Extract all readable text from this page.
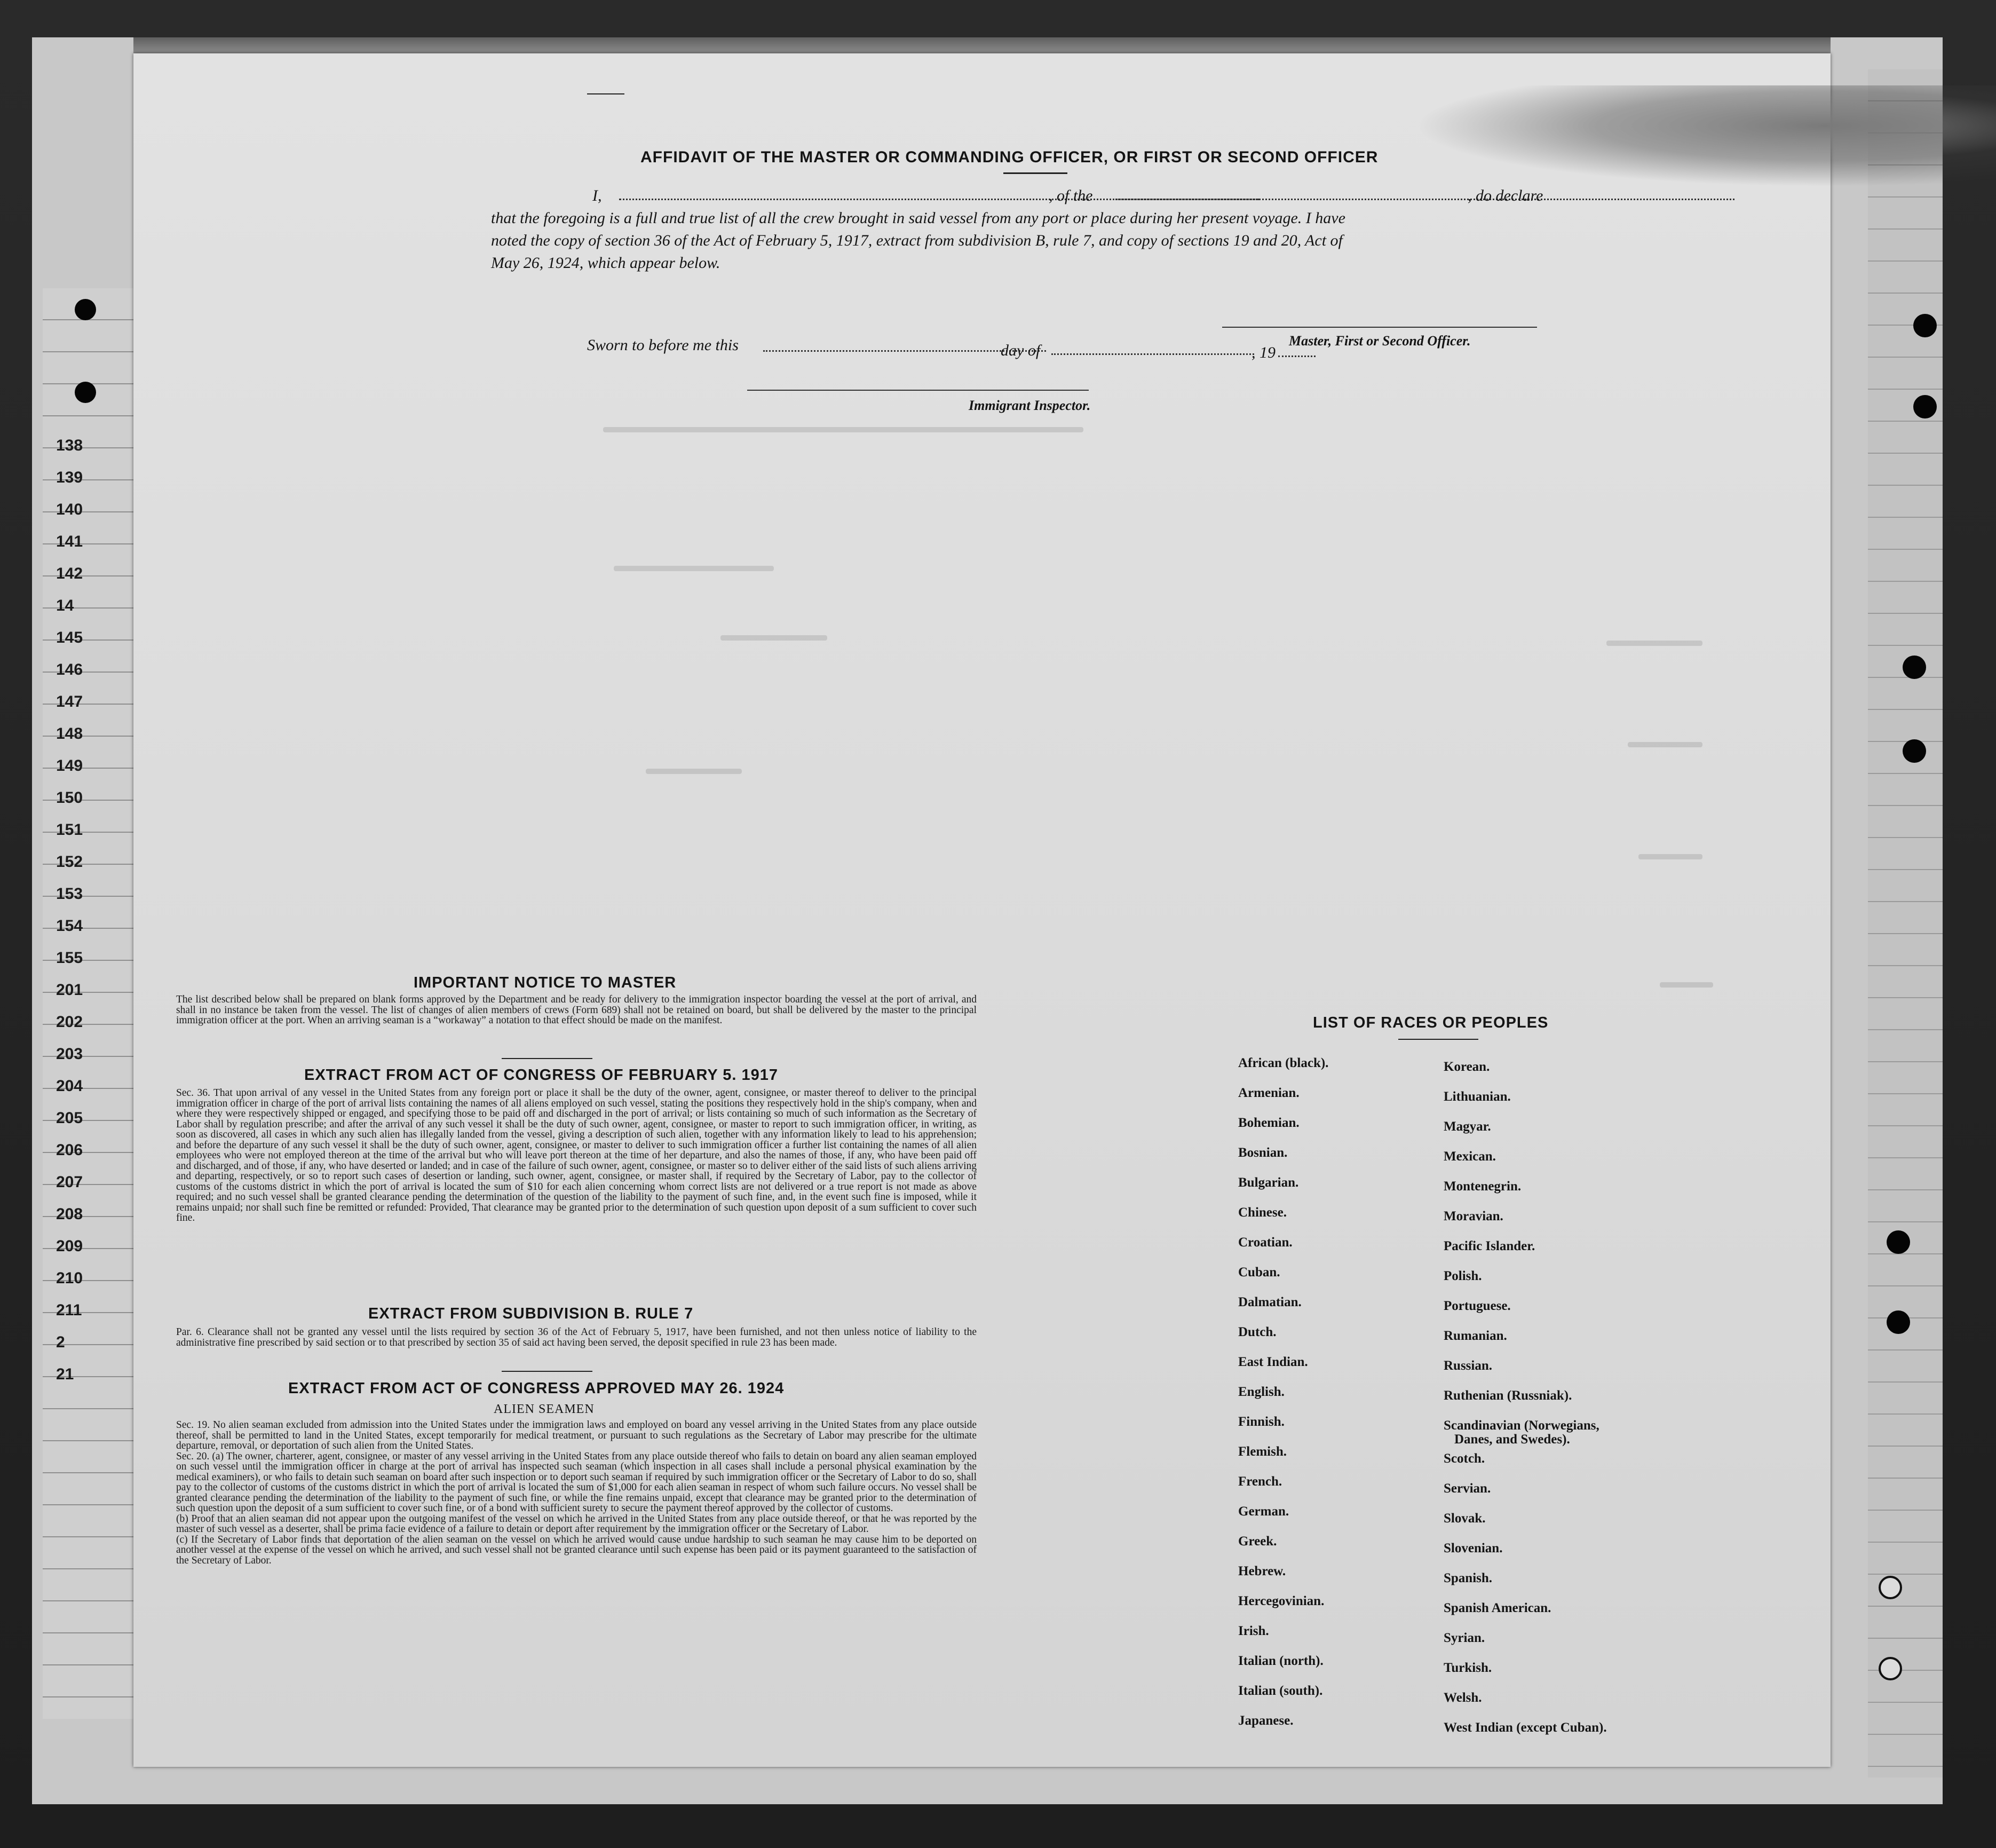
138
139
140
141
142
14
145
146
147
148
149
150
151
152
153
154
155
201
202
203
204
205
206
207
208
209
210
211
2
21
AFFIDAVIT OF THE MASTER OR COMMANDING OFFICER, OR FIRST OR SECOND OFFICER
I,	, of the	, do declare
that the foregoing is a full and true list of all the crew brought in said vessel from any port or place during her present voyage. I have
noted the copy of section 36 of the Act of February 5, 1917, extract from subdivision B, rule 7, and copy of sections 19 and 20, Act of
May 26, 1924, which appear below.
Master, First or Second Officer.
Sworn to before me this	day of	, 19
Immigrant Inspector.
IMPORTANT NOTICE TO MASTER
The list described below shall be prepared on blank forms approved by the Department and be ready for delivery to the immigration inspector boarding the vessel at the port of arrival, and shall in no instance be taken from the vessel. The list of changes of alien members of crews (Form 689) shall not be retained on board, but shall be delivered by the master to the principal immigration officer at the port. When an arriving seaman is a “workaway” a notation to that effect should be made on the manifest.
EXTRACT FROM ACT OF CONGRESS OF FEBRUARY 5. 1917
Sec. 36. That upon arrival of any vessel in the United States from any foreign port or place it shall be the duty of the owner, agent, consignee, or master thereof to deliver to the principal immigration officer in charge of the port of arrival lists containing the names of all aliens employed on such vessel, stating the positions they respectively hold in the ship's company, when and where they were respectively shipped or engaged, and specifying those to be paid off and discharged in the port of arrival; or lists containing so much of such information as the Secretary of Labor shall by regulation prescribe; and after the arrival of any such vessel it shall be the duty of such owner, agent, consignee, or master to report to such immigration officer, in writing, as soon as discovered, all cases in which any such alien has illegally landed from the vessel, giving a description of such alien, together with any information likely to lead to his apprehension; and before the departure of any such vessel it shall be the duty of such owner, agent, consignee, or master to deliver to such immigration officer a further list containing the names of all alien employees who were not employed thereon at the time of the arrival but who will leave port thereon at the time of her departure, and also the names of those, if any, who have been paid off and discharged, and of those, if any, who have deserted or landed; and in case of the failure of such owner, agent, consignee, or master so to deliver either of the said lists of such aliens arriving and departing, respectively, or so to report such cases of desertion or landing, such owner, agent, consignee, or master shall, if required by the Secretary of Labor, pay to the collector of customs of the customs district in which the port of arrival is located the sum of $10 for each alien concerning whom correct lists are not delivered or a true report is not made as above required; and no such vessel shall be granted clearance pending the determination of the question of the liability to the payment of such fine, and, in the event such fine is imposed, while it remains unpaid; nor shall such fine be remitted or refunded: Provided, That clearance may be granted prior to the determination of such question upon deposit of a sum sufficient to cover such fine.
EXTRACT FROM SUBDIVISION B. RULE 7
Par. 6. Clearance shall not be granted any vessel until the lists required by section 36 of the Act of February 5, 1917, have been furnished, and not then unless notice of liability to the administrative fine prescribed by said section or to that prescribed by section 35 of said act having been served, the deposit specified in rule 23 has been made.
EXTRACT FROM ACT OF CONGRESS APPROVED MAY 26. 1924
ALIEN SEAMEN
Sec. 19. No alien seaman excluded from admission into the United States under the immigration laws and employed on board any vessel arriving in the United States from any place outside thereof, shall be permitted to land in the United States, except temporarily for medical treatment, or pursuant to such regulations as the Secretary of Labor may prescribe for the ultimate departure, removal, or deportation of such alien from the United States.
Sec. 20. (a) The owner, charterer, agent, consignee, or master of any vessel arriving in the United States from any place outside thereof who fails to detain on board any alien seaman employed on such vessel until the immigration officer in charge at the port of arrival has inspected such seaman (which inspection in all cases shall include a personal physical examination by the medical examiners), or who fails to detain such seaman on board after such inspection or to deport such seaman if required by such immigration officer or the Secretary of Labor to do so, shall pay to the collector of customs of the customs district in which the port of arrival is located the sum of $1,000 for each alien seaman in respect of whom such failure occurs. No vessel shall be granted clearance pending the determination of the liability to the payment of such fine, or while the fine remains unpaid, except that clearance may be granted prior to the determination of such question upon the deposit of a sum sufficient to cover such fine, or of a bond with sufficient surety to secure the payment thereof approved by the collector of customs.
(b) Proof that an alien seaman did not appear upon the outgoing manifest of the vessel on which he arrived in the United States from any place outside thereof, or that he was reported by the master of such vessel as a deserter, shall be prima facie evidence of a failure to detain or deport after requirement by the immigration officer or the Secretary of Labor.
(c) If the Secretary of Labor finds that deportation of the alien seaman on the vessel on which he arrived would cause undue hardship to such seaman he may cause him to be deported on another vessel at the expense of the vessel on which he arrived, and such vessel shall not be granted clearance until such expense has been paid or its payment guaranteed to the satisfaction of the Secretary of Labor.
LIST OF RACES OR PEOPLES
African (black).
Armenian.
Bohemian.
Bosnian.
Bulgarian.
Chinese.
Croatian.
Cuban.
Dalmatian.
Dutch.
East Indian.
English.
Finnish.
Flemish.
French.
German.
Greek.
Hebrew.
Hercegovinian.
Irish.
Italian (north).
Italian (south).
Japanese.
Korean.
Lithuanian.
Magyar.
Mexican.
Montenegrin.
Moravian.
Pacific Islander.
Polish.
Portuguese.
Rumanian.
Russian.
Ruthenian (Russniak).
Scandinavian (Norwegians,
Danes, and Swedes).
Scotch.
Servian.
Slovak.
Slovenian.
Spanish.
Spanish American.
Syrian.
Turkish.
Welsh.
West Indian (except Cuban).
